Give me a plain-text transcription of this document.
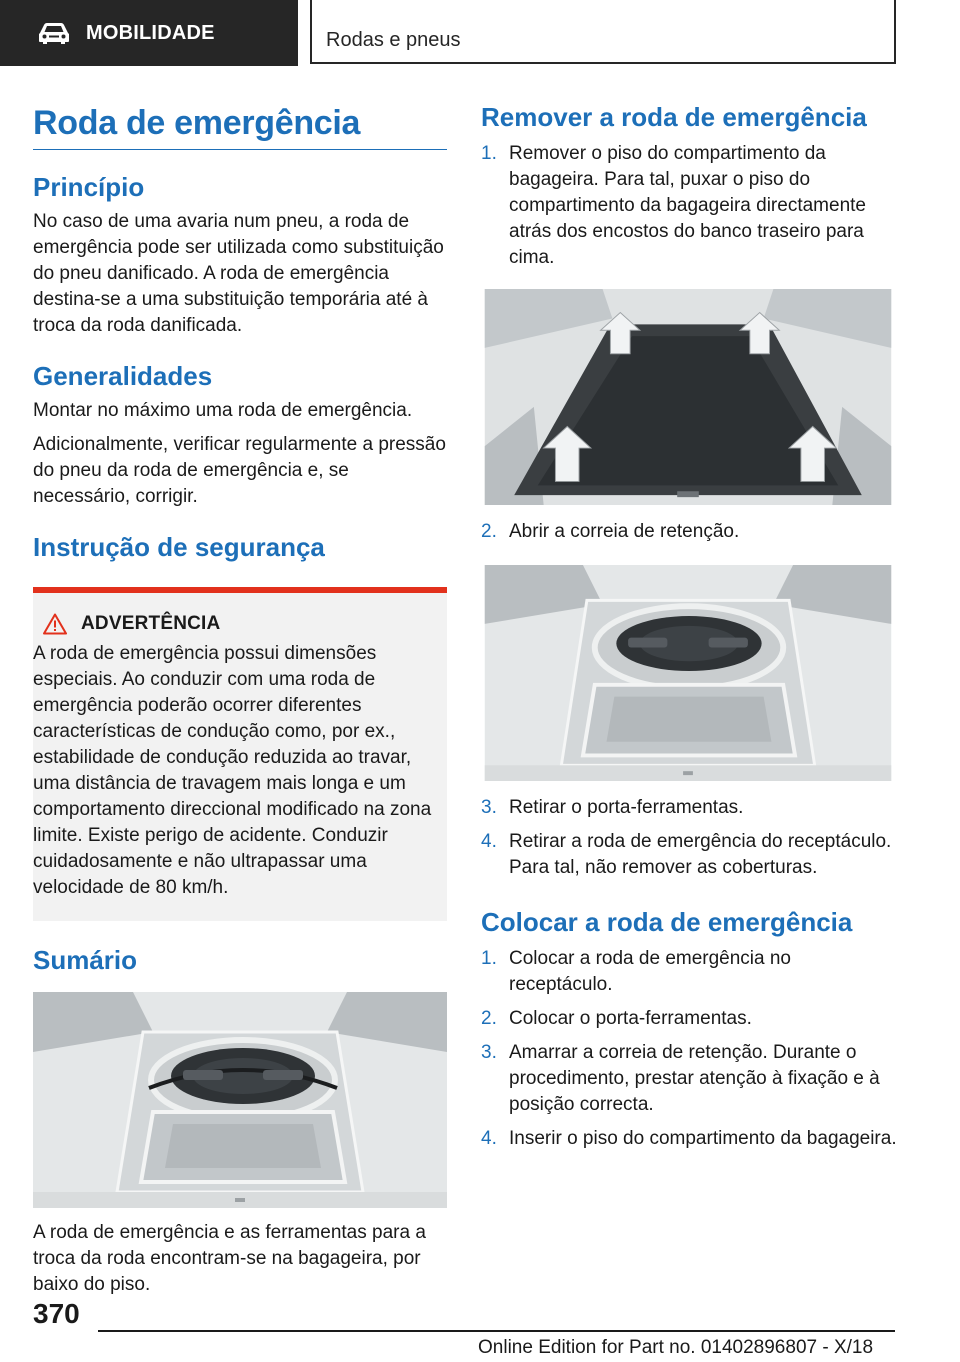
MOBILIDADE	Rodas e pneus
Roda de emergência
Princípio

No caso de uma avaria num pneu, a roda de emergência pode ser utilizada como substituição do pneu danificado. A roda de emergência destina-se a uma substituição temporária até à troca da roda danificada.

Generalidades

Montar no máximo uma roda de emergência.

Adicionalmente, verificar regularmente a pressão do pneu da roda de emergência e, se necessário, corrigir.

Instrução de segurança
ADVERTÊNCIA

A roda de emergência possui dimensões especiais. Ao conduzir com uma roda de emergência poderão ocorrer diferentes características de condução como, por ex., estabilidade de condução reduzida ao travar, uma distância de travagem mais longa e um comportamento direccional modificado na zona limite. Existe perigo de acidente. Conduzir cuidadosamente e não ultrapassar uma velocidade de 80 km/h.

Sumário

A roda de emergência e as ferramentas para a troca da roda encontram-se na bagageira, por baixo do piso.

Remover a roda de emergência
1. Remover o piso do compartimento da bagageira. Para tal, puxar o piso do compartimento da bagageira directamente atrás dos encostos do banco traseiro para cima.
2. Abrir a correia de retenção.
3. Retirar o porta-ferramentas.
4. Retirar a roda de emergência do receptáculo. Para tal, não remover as coberturas.
Colocar a roda de emergência
1. Colocar a roda de emergência no receptáculo.
2. Colocar o porta-ferramentas.
3. Amarrar a correia de retenção. Durante o procedimento, prestar atenção à fixação e à posição correcta.
4. Inserir o piso do compartimento da bagageira.
370
Online Edition for Part no. 01402896807 - X/18
